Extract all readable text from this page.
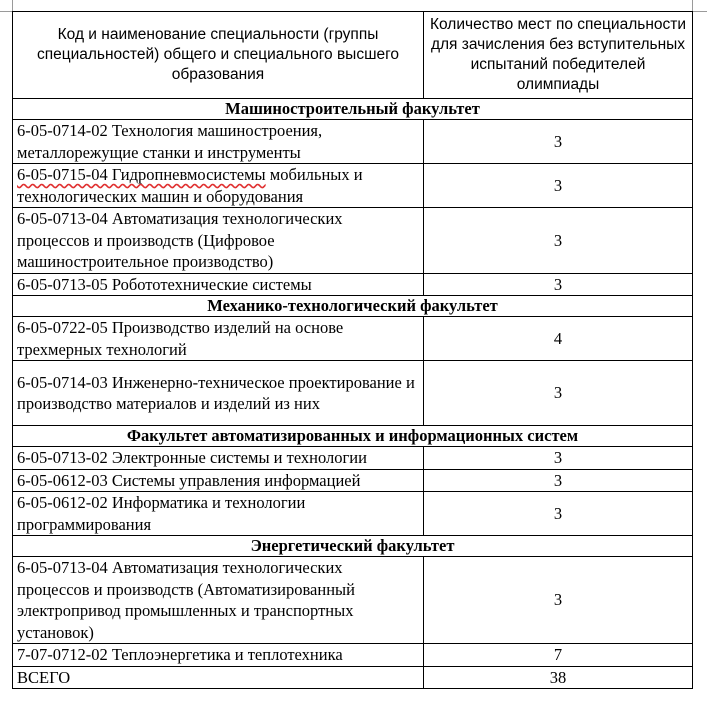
Код и наименование специальности (группы специальностей) общего и специального высшего образования	Количество мест по специальности для зачисления без вступительных испытаний победителей олимпиады
Машиностроительный факультет	
6-05-0714-02 Технология машиностроения, металлорежущие станки и инструменты	3
6-05-0715-04 Гидропневмосистемы мобильных и технологических машин и оборудования	3
6-05-0713-04 Автоматизация технологических процессов и производств (Цифровое машиностроительное производство)	3
6-05-0713-05 Робототехнические системы	3
Механико-технологический факультет	
6-05-0722-05 Производство изделий на основе трехмерных технологий	4
6-05-0714-03 Инженерно-техническое проектирование и производство материалов и изделий из них	3
Факультет автоматизированных и информационных систем	
6-05-0713-02 Электронные системы и технологии	3
6-05-0612-03 Системы управления информацией	3
6-05-0612-02 Информатика и технологии программирования	3
Энергетический факультет	
6-05-0713-04 Автоматизация технологических процессов и производств (Автоматизированный электропривод промышленных и транспортных установок)	3
7-07-0712-02 Теплоэнергетика и теплотехника	7
ВСЕГО	38
